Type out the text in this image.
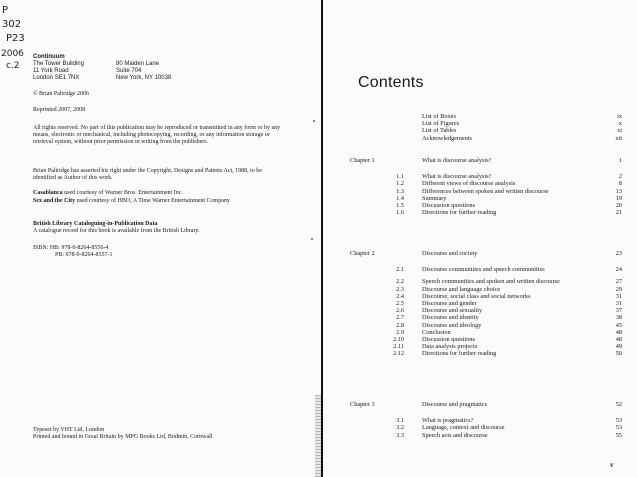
P
302
P23
2006
c.2
Continuum
The Tower Building
11 York Road
London SE1 7NX
80 Maiden Lane
Suite 704
New York, NY 10038
© Brian Paltridge 2006
Reprinted 2007, 2008
All rights reserved. No part of this publication may be reproduced or transmitted in any form or by any means, electronic or mechanical, including photocopying, recording, or any information storage or retrieval system, without prior permission in writing from the publishers.
Brian Paltridge has asserted his right under the Copyright, Designs and Patents Act, 1988, to be identified as Author of this work.
Casablanca used courtesy of Warner Bros. Entertainment Inc.
Sex and the City used courtesy of HBO, A Time Warner Entertainment Company
British Library Cataloguing-in-Publication Data
A catalogue record for this book is available from the British Library.
ISBN: HB: 978-0-8264-8556-4
PB: 978-0-8264-8557-1
Typeset by YHT Ltd, London
Printed and bound in Great Britain by MPG Books Ltd, Bodmin, Cornwall
Contents
List of Boxes	ix
List of Figures	x
List of Tables	xi
Acknowledgements	xii
Chapter 1	What is discourse analysis?	1
1.1	What is discourse analysis?	2
1.2	Different views of discourse analysis	8
1.3	Differences between spoken and written discourse	13
1.4	Summary	19
1.5	Discussion questions	20
1.6	Directions for further reading	21
Chapter 2	Discourse and society	23
2.1	Discourse communities and speech communities	24
2.2	Speech communities and spoken and written discourse	27
2.3	Discourse and language choice	29
2.4	Discourse, social class and social networks	31
2.5	Discourse and gender	31
2.6	Discourse and sexuality	37
2.7	Discourse and identity	38
2.8	Discourse and ideology	45
2.9	Conclusion	48
2.10	Discussion questions	48
2.11	Data analysis projects	49
2.12	Directions for further reading	50
Chapter 3	Discourse and pragmatics	52
3.1	What is pragmatics?	53
3.2	Language, context and discourse	53
3.3	Speech acts and discourse	55
v
